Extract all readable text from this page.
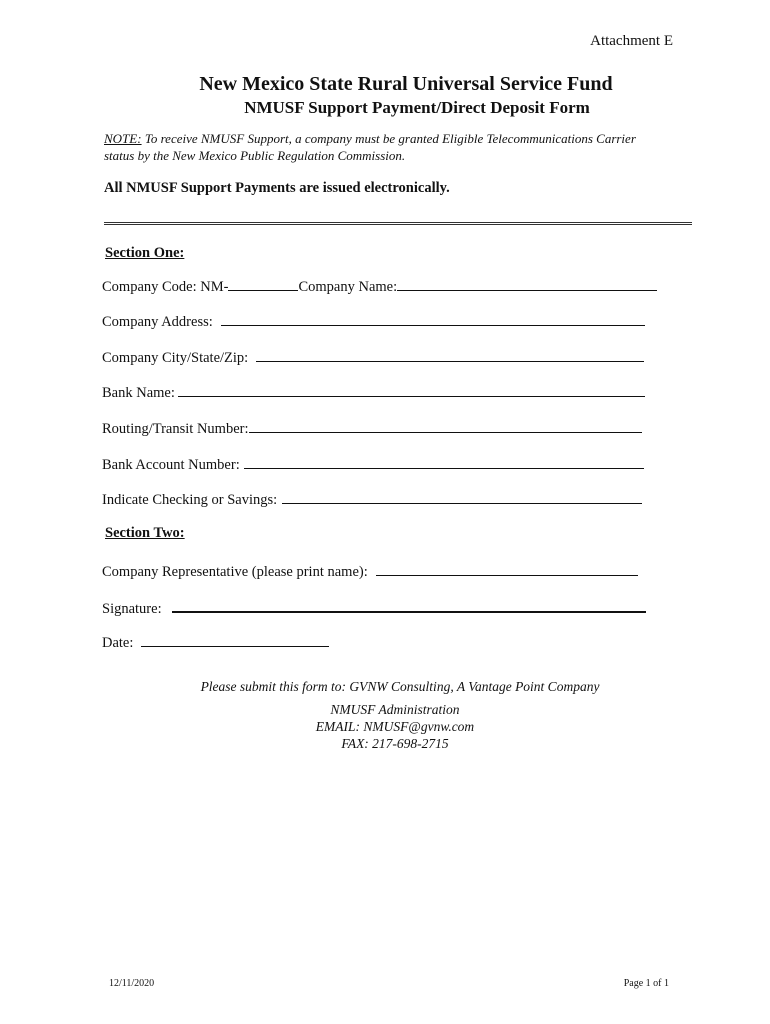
Attachment E
New Mexico State Rural Universal Service Fund
NMUSF Support Payment/Direct Deposit Form
NOTE: To receive NMUSF Support, a company must be granted Eligible Telecommunications Carrier status by the New Mexico Public Regulation Commission.
All NMUSF Support Payments are issued electronically.
Section One:
Company Code: NM-	Company Name:
Company Address:
Company City/State/Zip:
Bank Name:
Routing/Transit Number:
Bank Account Number:
Indicate Checking or Savings:
Section Two:
Company Representative (please print name):
Signature:
Date:
Please submit this form to: GVNW Consulting, A Vantage Point Company
NMUSF Administration
EMAIL: NMUSF@gvnw.com
FAX: 217-698-2715
12/11/2020	Page 1 of 1
